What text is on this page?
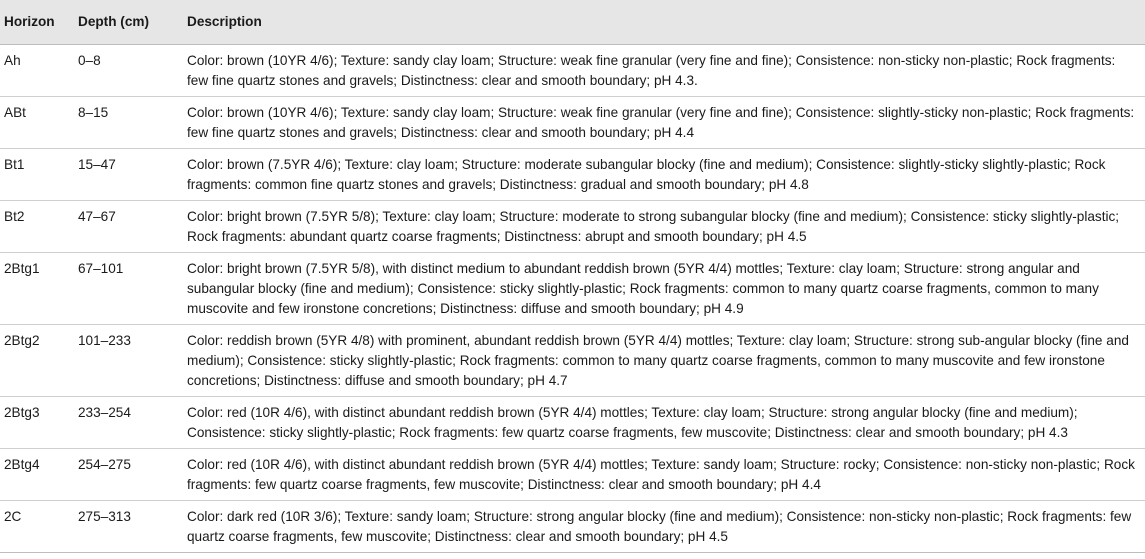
Horizon	Depth (cm)	Description
Ah	0–8	Color: brown (10YR 4/6); Texture: sandy clay loam; Structure: weak fine granular (very fine and fine); Consistence: non-sticky non-plastic; Rock fragments: few fine quartz stones and gravels; Distinctness: clear and smooth boundary; pH 4.3.
ABt	8–15	Color: brown (10YR 4/6); Texture: sandy clay loam; Structure: weak fine granular (very fine and fine); Consistence: slightly-sticky non-plastic; Rock fragments: few fine quartz stones and gravels; Distinctness: clear and smooth boundary; pH 4.4
Bt1	15–47	Color: brown (7.5YR 4/6); Texture: clay loam; Structure: moderate subangular blocky (fine and medium); Consistence: slightly-sticky slightly-plastic; Rock fragments: common fine quartz stones and gravels; Distinctness: gradual and smooth boundary; pH 4.8
Bt2	47–67	Color: bright brown (7.5YR 5/8); Texture: clay loam; Structure: moderate to strong subangular blocky (fine and medium); Consistence: sticky slightly-plastic; Rock fragments: abundant quartz coarse fragments; Distinctness: abrupt and smooth boundary; pH 4.5
2Btg1	67–101	Color: bright brown (7.5YR 5/8), with distinct medium to abundant reddish brown (5YR 4/4) mottles; Texture: clay loam; Structure: strong angular and subangular blocky (fine and medium); Consistence: sticky slightly-plastic; Rock fragments: common to many quartz coarse fragments, common to many muscovite and few ironstone concretions; Distinctness: diffuse and smooth boundary; pH 4.9
2Btg2	101–233	Color: reddish brown (5YR 4/8) with prominent, abundant reddish brown (5YR 4/4) mottles; Texture: clay loam; Structure: strong sub-angular blocky (fine and medium); Consistence: sticky slightly-plastic; Rock fragments: common to many quartz coarse fragments, common to many muscovite and few ironstone concretions; Distinctness: diffuse and smooth boundary; pH 4.7
2Btg3	233–254	Color: red (10R 4/6), with distinct abundant reddish brown (5YR 4/4) mottles; Texture: clay loam; Structure: strong angular blocky (fine and medium); Consistence: sticky slightly-plastic; Rock fragments: few quartz coarse fragments, few muscovite; Distinctness: clear and smooth boundary; pH 4.3
2Btg4	254–275	Color: red (10R 4/6), with distinct abundant reddish brown (5YR 4/4) mottles; Texture: sandy loam; Structure: rocky; Consistence: non-sticky non-plastic; Rock fragments: few quartz coarse fragments, few muscovite; Distinctness: clear and smooth boundary; pH 4.4
2C	275–313	Color: dark red (10R 3/6); Texture: sandy loam; Structure: strong angular blocky (fine and medium); Consistence: non-sticky non-plastic; Rock fragments: few quartz coarse fragments, few muscovite; Distinctness: clear and smooth boundary; pH 4.5
